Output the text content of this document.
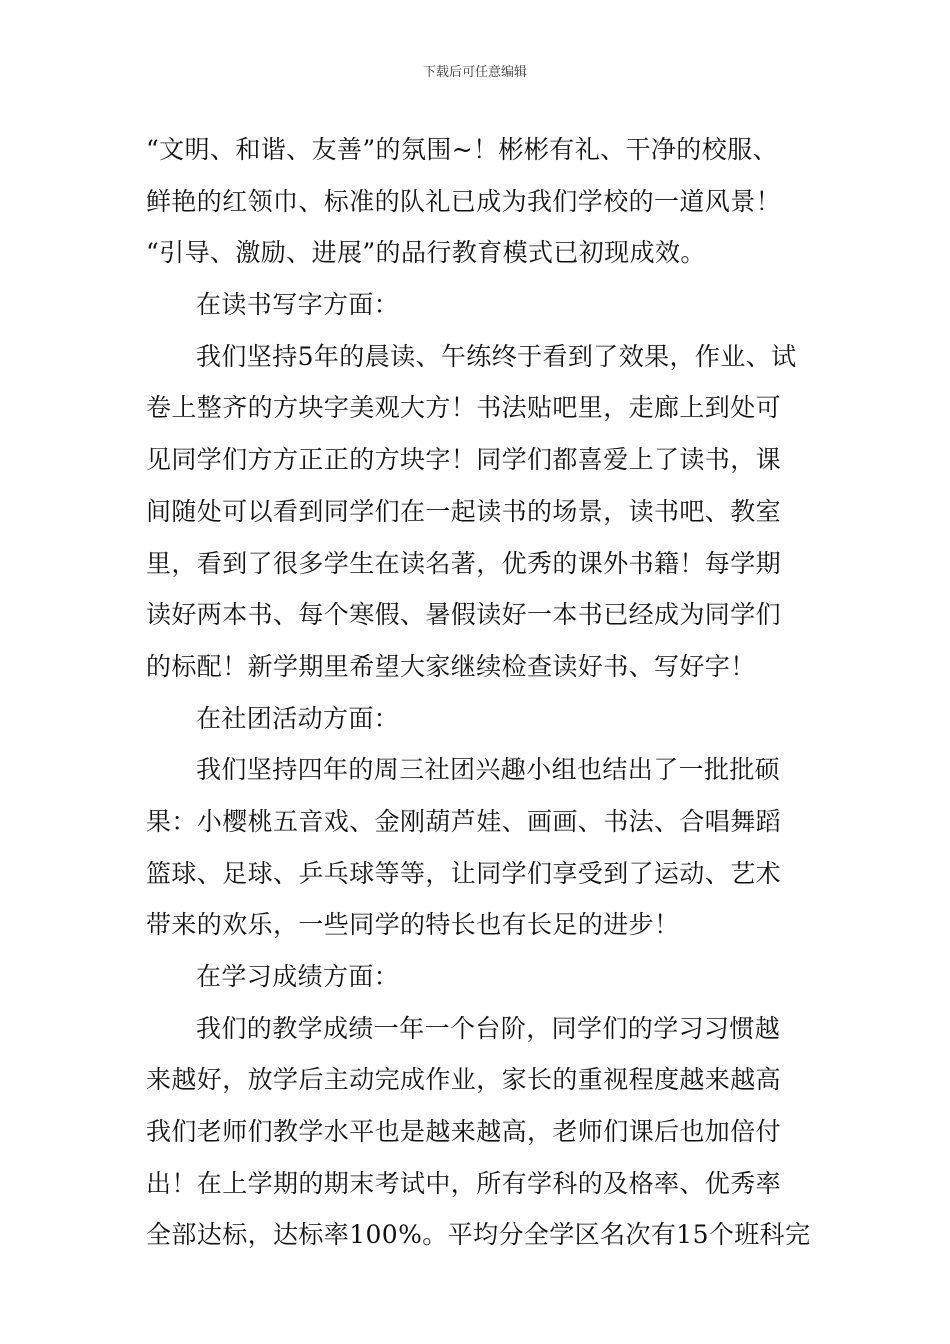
下载后可任意编辑
“文明、和谐、友善”的氛围~！彬彬有礼、干净的校服、
鲜艳的红领巾、标准的队礼已成为我们学校的一道风景！
“引导、激励、进展”的品行教育模式已初现成效。
在读书写字方面：
我们坚持5年的晨读、午练终于看到了效果，作业、试
卷上整齐的方块字美观大方！书法贴吧里，走廊上到处可
见同学们方方正正的方块字！同学们都喜爱上了读书，课
间随处可以看到同学们在一起读书的场景，读书吧、教室
里，看到了很多学生在读名著，优秀的课外书籍！每学期
读好两本书、每个寒假、暑假读好一本书已经成为同学们
的标配！新学期里希望大家继续检查读好书、写好字！
在社团活动方面：
我们坚持四年的周三社团兴趣小组也结出了一批批硕
果：小樱桃五音戏、金刚葫芦娃、画画、书法、合唱舞蹈
篮球、足球、乒乓球等等，让同学们享受到了运动、艺术
带来的欢乐，一些同学的特长也有长足的进步！
在学习成绩方面：
我们的教学成绩一年一个台阶，同学们的学习习惯越
来越好，放学后主动完成作业，家长的重视程度越来越高
我们老师们教学水平也是越来越高，老师们课后也加倍付
出！在上学期的期末考试中，所有学科的及格率、优秀率
全部达标，达标率100%。平均分全学区名次有15个班科完
